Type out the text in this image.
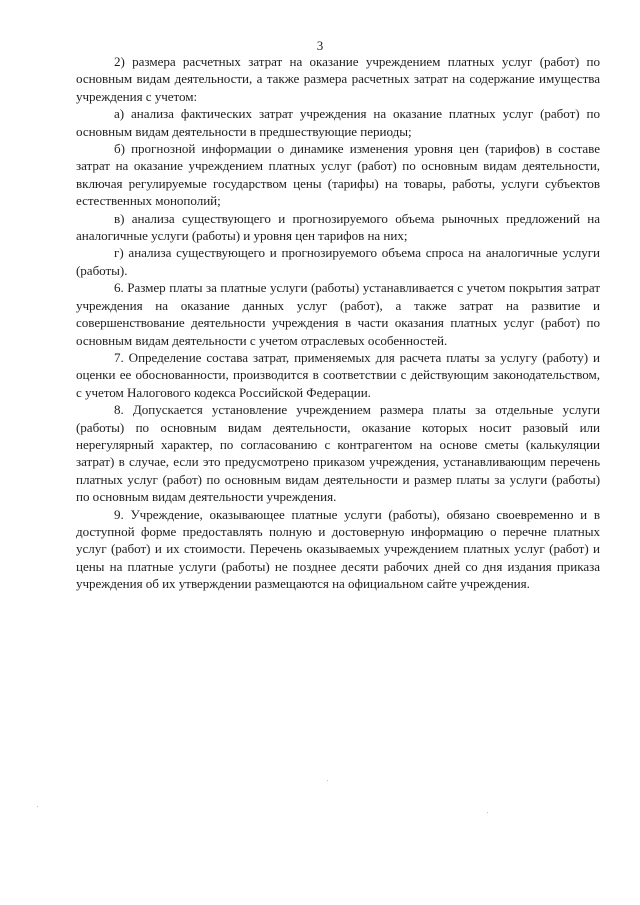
3

2) размера расчетных затрат на оказание учреждением платных услуг (работ) по основным видам деятельности, а также размера расчетных затрат на содержание имущества учреждения с учетом:

а) анализа фактических затрат учреждения на оказание платных услуг (работ) по основным видам деятельности в предшествующие периоды;

б) прогнозной информации о динамике изменения уровня цен (тарифов) в составе затрат на оказание учреждением платных услуг (работ) по основным видам деятельности, включая регулируемые государством цены (тарифы) на товары, работы, услуги субъектов естественных монополий;

в) анализа существующего и прогнозируемого объема рыночных предложений на аналогичные услуги (работы) и уровня цен тарифов на них;

г) анализа существующего и прогнозируемого объема спроса на аналогичные услуги (работы).

6. Размер платы за платные услуги (работы) устанавливается с учетом покрытия затрат учреждения на оказание данных услуг (работ), а также затрат на развитие и совершенствование деятельности учреждения в части оказания платных услуг (работ) по основным видам деятельности с учетом отраслевых особенностей.

7. Определение состава затрат, применяемых для расчета платы за услугу (работу) и оценки ее обоснованности, производится в соответствии с действующим законодательством, с учетом Налогового кодекса Российской Федерации.

8. Допускается установление учреждением размера платы за отдельные услуги (работы) по основным видам деятельности, оказание которых носит разовый или нерегулярный характер, по согласованию с контрагентом на основе сметы (калькуляции затрат) в случае, если это предусмотрено приказом учреждения, устанавливающим перечень платных услуг (работ) по основным видам деятельности и размер платы за услуги (работы) по основным видам деятельности учреждения.

9. Учреждение, оказывающее платные услуги (работы), обязано своевременно и в доступной форме предоставлять полную и достоверную информацию о перечне платных услуг (работ) и их стоимости. Перечень оказываемых учреждением платных услуг (работ) и цены на платные услуги (работы) не позднее десяти рабочих дней со дня издания приказа учреждения об их утверждении размещаются на официальном сайте учреждения.
